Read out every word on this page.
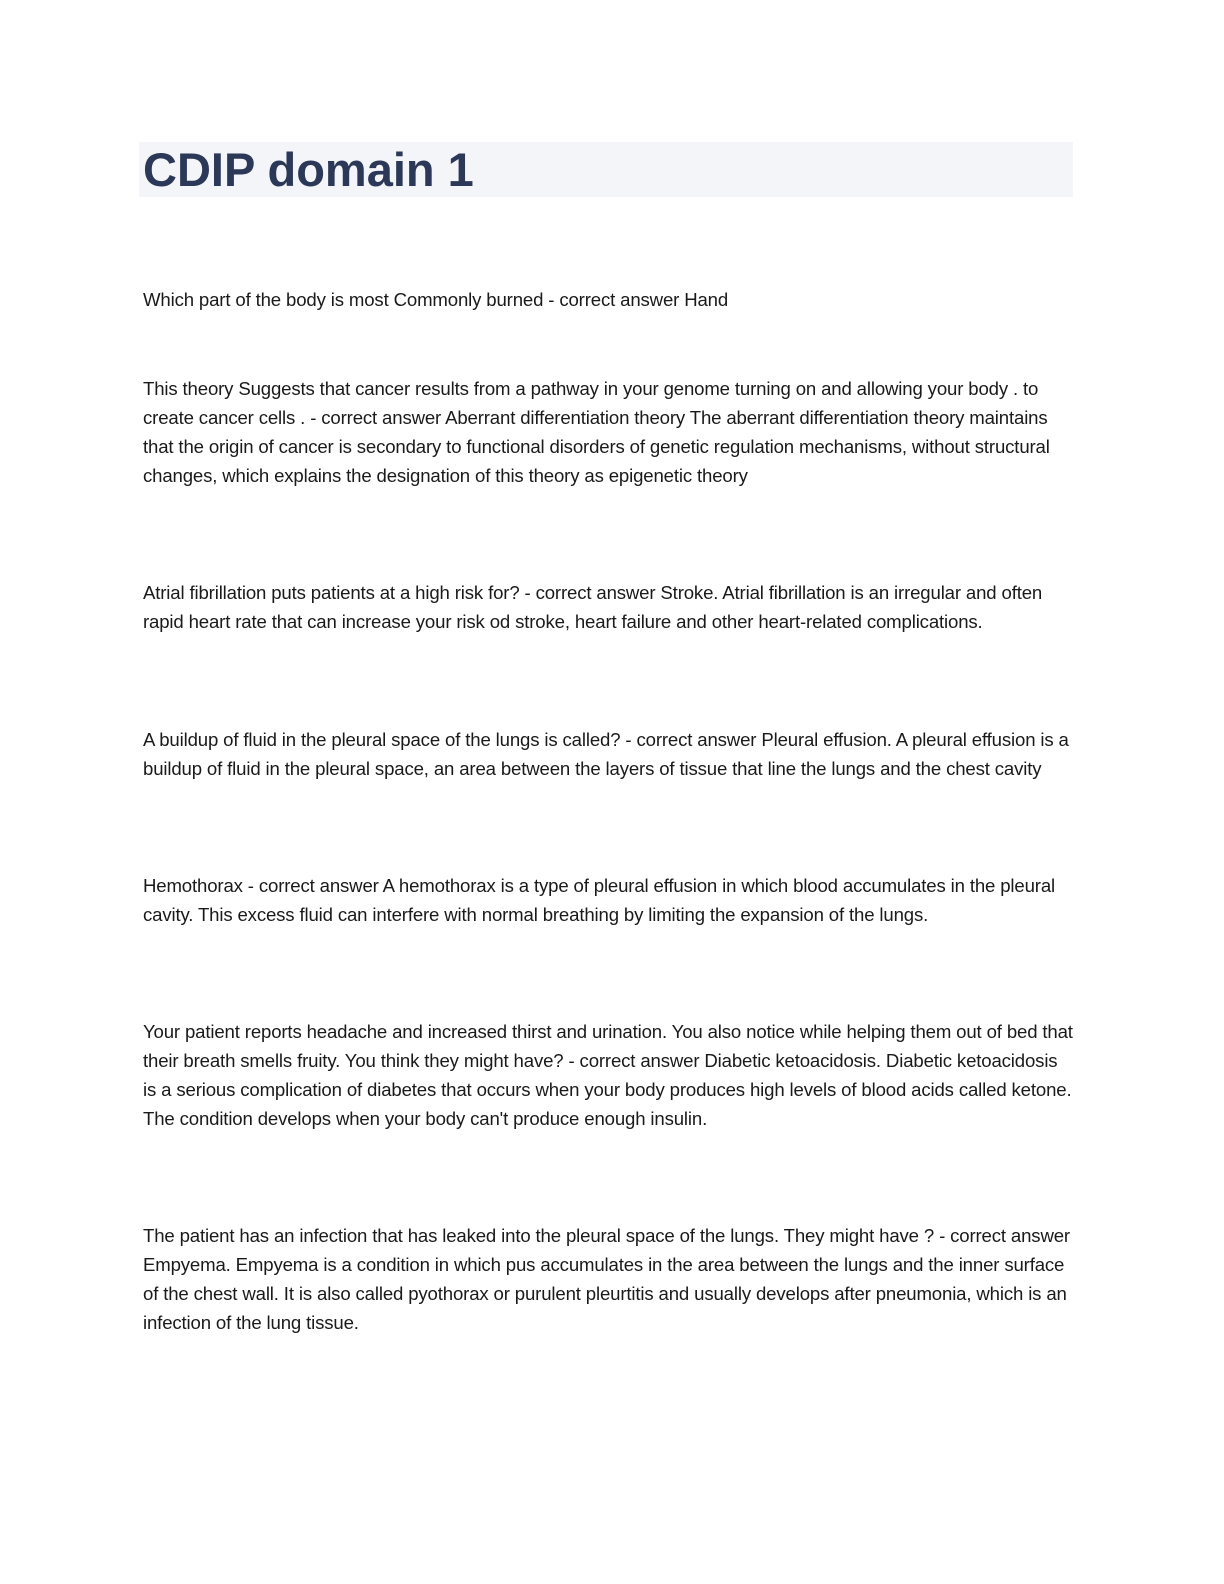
CDIP domain 1

Which part of the body is most Commonly burned - correct answer Hand

This theory Suggests that cancer results from a pathway in your genome turning on and allowing your body . to create cancer cells . - correct answer Aberrant differentiation theory The aberrant differentiation theory maintains that the origin of cancer is secondary to functional disorders of genetic regulation mechanisms, without structural changes, which explains the designation of this theory as epigenetic theory

Atrial fibrillation puts patients at a high risk for? - correct answer Stroke. Atrial fibrillation is an irregular and often rapid heart rate that can increase your risk od stroke, heart failure and other heart-related complications.

A buildup of fluid in the pleural space of the lungs is called? - correct answer Pleural effusion. A pleural effusion is a buildup of fluid in the pleural space, an area between the layers of tissue that line the lungs and the chest cavity

Hemothorax - correct answer A hemothorax is a type of pleural effusion in which blood accumulates in the pleural cavity. This excess fluid can interfere with normal breathing by limiting the expansion of the lungs.

Your patient reports headache and increased thirst and urination. You also notice while helping them out of bed that their breath smells fruity. You think they might have? - correct answer Diabetic ketoacidosis. Diabetic ketoacidosis is a serious complication of diabetes that occurs when your body produces high levels of blood acids called ketone. The condition develops when your body can't produce enough insulin.

The patient has an infection that has leaked into the pleural space of the lungs. They might have ? - correct answer Empyema. Empyema is a condition in which pus accumulates in the area between the lungs and the inner surface of the chest wall. It is also called pyothorax or purulent pleurtitis and usually develops after pneumonia, which is an infection of the lung tissue.
